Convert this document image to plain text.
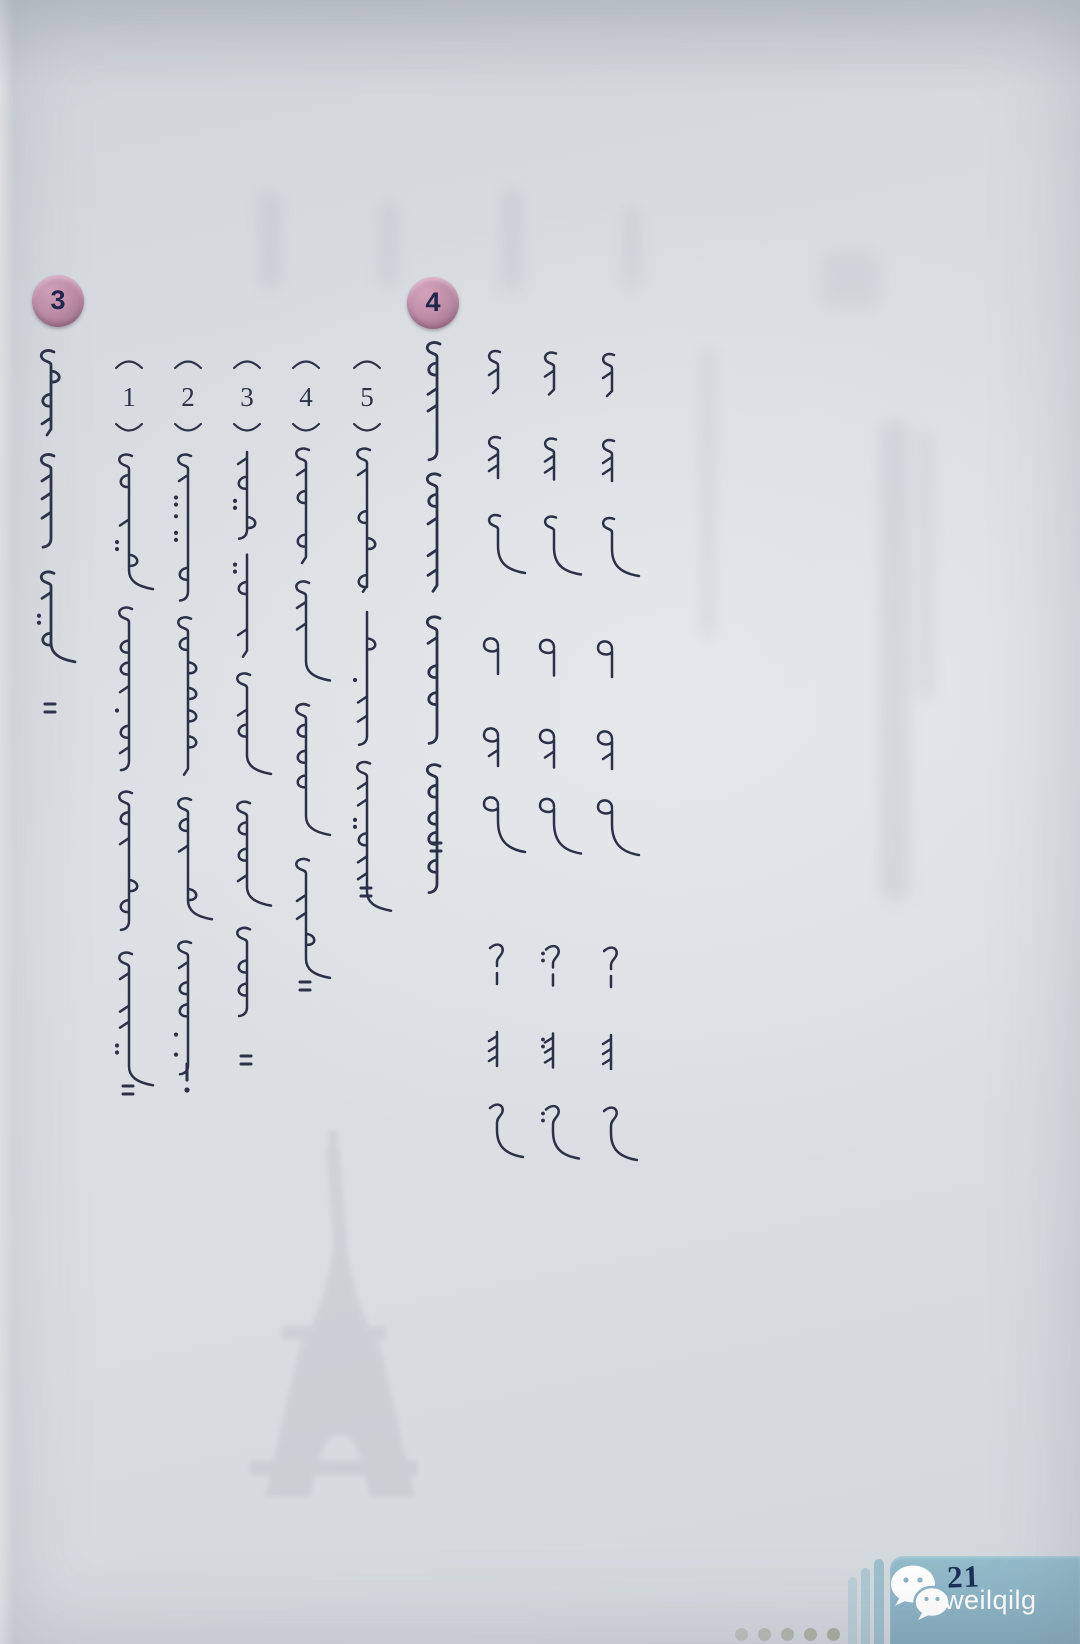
3	4
1 2 3 4 5
21
weilqilg
